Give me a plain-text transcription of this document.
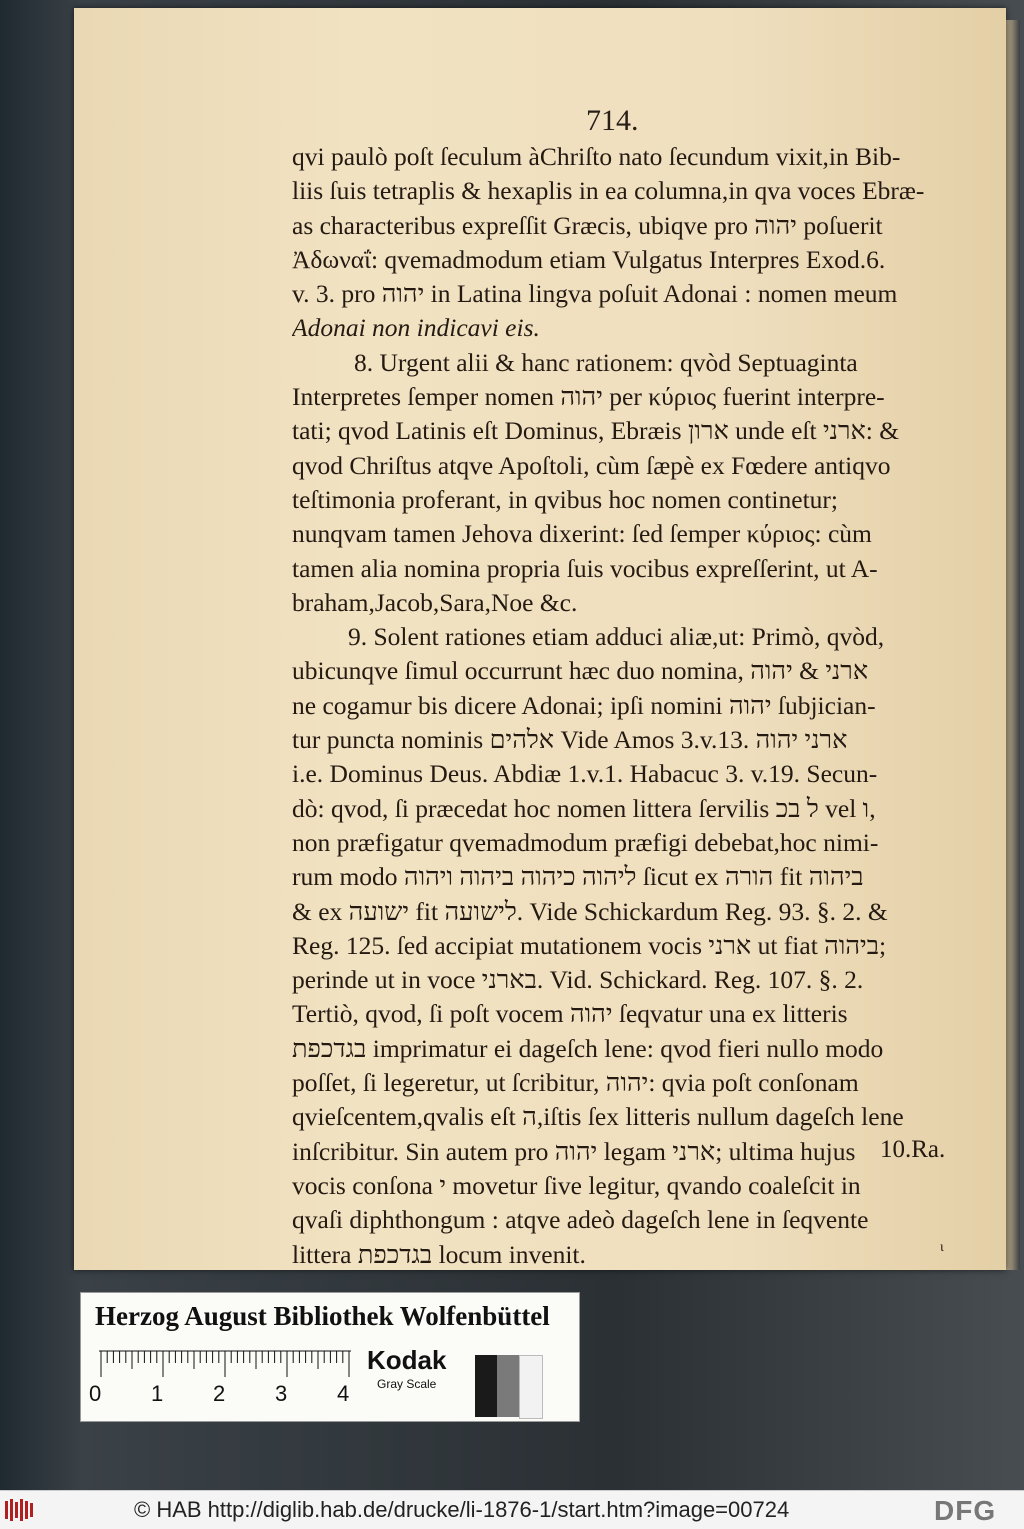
714.
qvi paulò poſt ſeculum àChriſto nato ſecundum vixit,in Bib-
liis ſuis tetraplis & hexaplis in ea columna,in qva voces Ebræ-
as characteribus expreſſit Græcis, ubiqve pro יהוה poſuerit
Ἀδωναΐ: qvemadmodum etiam Vulgatus Interpres Exod.6.
v. 3. pro יהוה in Latina lingva poſuit Adonai : nomen meum
Adonai non indicavi eis.
8. Urgent alii & hanc rationem: qvòd Septuaginta
Interpretes ſemper nomen יהוה per κύριος fuerint interpre-
tati; qvod Latinis eſt Dominus, Ebræis ארון unde eſt ארני: &
qvod Chriſtus atqve Apoſtoli, cùm ſæpè ex Fœdere antiqvo
teſtimonia proferant, in qvibus hoc nomen continetur;
nunqvam tamen Jehova dixerint: ſed ſemper κύριος: cùm
tamen alia nomina propria ſuis vocibus expreſſerint, ut A-
braham,Jacob,Sara,Noe &c.
9. Solent rationes etiam adduci aliæ,ut: Primò, qvòd,
ubicunqve ſimul occurrunt hæc duo nomina, ארני & יהוה
ne cogamur bis dicere Adonai; ipſi nomini יהוה ſubjician-
tur puncta nominis אלהים Vide Amos 3.v.13. ארני יהוה
i.e. Dominus Deus. Abdiæ 1.v.1. Habacuc 3. v.19. Secun-
dò: qvod, ſi præcedat hoc nomen littera ſervilis ל בכ vel ו,
non præfigatur qvemadmodum præfigi debebat,hoc nimi-
rum modo ליהוה כיהוה ביהוה ויהוה ſicut ex הורה fit ביהוה
& ex ישועה fit לישועה. Vide Schickardum Reg. 93. §. 2. &
Reg. 125. ſed accipiat mutationem vocis ארני ut fiat ביהוה;
perinde ut in voce בארני. Vid. Schickard. Reg. 107. §. 2.
Tertiò, qvod, ſi poſt vocem יהוה ſeqvatur una ex litteris
בגדכפת imprimatur ei dageſch lene: qvod fieri nullo modo
poſſet, ſi legeretur, ut ſcribitur, יהוה: qvia poſt conſonam
qvieſcentem,qvalis eſt ה,iſtis ſex litteris nullum dageſch lene
inſcribitur. Sin autem pro יהוה legam ארני; ultima hujus
vocis conſona י movetur ſive legitur, qvando coaleſcit in
qvaſi diphthongum : atqve adeò dageſch lene in ſeqvente
littera בגדכפת locum invenit.
10.Ra.
ι
Herzog August Bibliothek Wolfenbüttel
0 1 2 3 4
Kodak
Gray Scale
© HAB http://diglib.hab.de/drucke/li-1876-1/start.htm?image=00724	DFG
